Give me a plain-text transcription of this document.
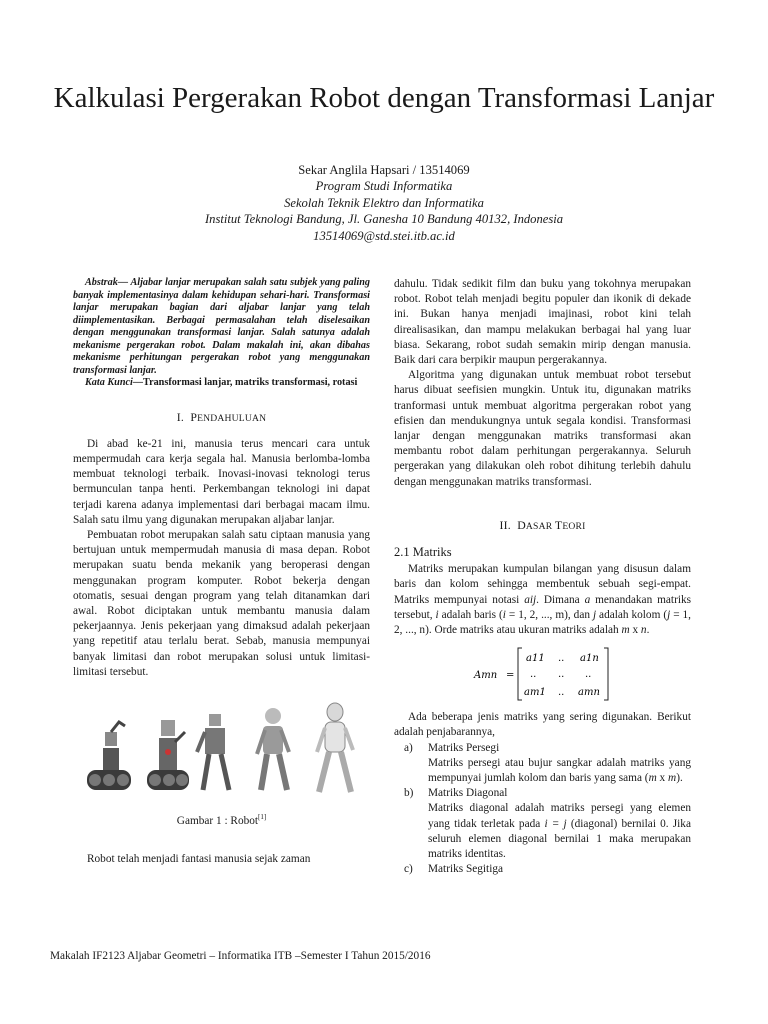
Kalkulasi Pergerakan Robot dengan Transformasi Lanjar
Sekar Anglila Hapsari / 13514069
Program Studi Informatika
Sekolah Teknik Elektro dan Informatika
Institut Teknologi Bandung, Jl. Ganesha 10 Bandung 40132, Indonesia
13514069@std.stei.itb.ac.id

Abstrak— Aljabar lanjar merupakan salah satu subjek yang paling banyak implementasinya dalam kehidupan sehari-hari. Transformasi lanjar merupakan bagian dari aljabar lanjar yang telah diimplementasikan. Berbagai permasalahan telah diselesaikan dengan menggunakan transformasi lanjar. Salah satunya adalah mekanisme pergerakan robot. Dalam makalah ini, akan dibahas mekanisme perhitungan pergerakan robot yang menggunakan transformasi lanjar.

Kata Kunci—Transformasi lanjar, matriks transformasi, rotasi

I. PENDAHULUAN

Di abad ke-21 ini, manusia terus mencari cara untuk mempermudah cara kerja segala hal. Manusia berlomba-lomba membuat teknologi terbaik. Inovasi-inovasi teknologi terus bermunculan tanpa henti. Perkembangan teknologi ini dapat terjadi karena adanya implementasi dari berbagai macam ilmu. Salah satu ilmu yang digunakan merupakan aljabar lanjar.

Pembuatan robot merupakan salah satu ciptaan manusia yang bertujuan untuk mempermudah manusia di masa depan. Robot merupakan suatu benda mekanik yang beroperasi dengan menggunakan program komputer. Robot bekerja dengan otomatis, sesuai dengan program yang telah ditanamkan dari awal. Robot diciptakan untuk membantu manusia dalam pekerjaannya. Jenis pekerjaan yang dimaksud adalah pekerjaan yang repetitif atau terlalu berat. Sebab, manusia mempunyai banyak limitasi dan robot merupakan solusi untuk limitasi-limitasi tersebut.

Gambar 1 : Robot[1]

Robot telah menjadi fantasi manusia sejak zaman

dahulu. Tidak sedikit film dan buku yang tokohnya merupakan robot. Robot telah menjadi begitu populer dan ikonik di dekade ini. Bukan hanya menjadi imajinasi, robot kini telah direalisasikan, dan mampu melakukan berbagai hal yang luar biasa. Sekarang, robot sudah semakin mirip dengan manusia. Baik dari cara berpikir maupun pergerakannya.

Algoritma yang digunakan untuk membuat robot tersebut harus dibuat seefisien mungkin. Untuk itu, digunakan matriks tranformasi untuk membuat algoritma pergerakan robot yang efisien dan mendukungnya untuk segala kondisi. Transformasi lanjar dengan menggunakan matriks transformasi akan membantu robot dalam perhitungan pergerakannya. Seluruh pergerakan yang dilakukan oleh robot dihitung terlebih dahulu dengan menggunakan matriks transformasi.

II. DASAR TEORI
2.1 Matriks

Matriks merupakan kumpulan bilangan yang disusun dalam baris dan kolom sehingga membentuk sebuah segi-empat. Matriks mempunyai notasi aij. Dimana a menandakan matriks tersebut, i adalah baris (i = 1, 2, ..., m), dan j adalah kolom (j = 1, 2, ..., n). Orde matriks atau ukuran matriks adalah m x n.

Amn =
a11 .. a1n
.. .. ..
am1 .. amn

Ada beberapa jenis matriks yang sering digunakan. Berikut adalah penjabarannya,

a) Matriks Persegi
Matriks persegi atau bujur sangkar adalah matriks yang mempunyai jumlah kolom dan baris yang sama (m x m).
b) Matriks Diagonal
Matriks diagonal adalah matriks persegi yang elemen yang tidak terletak pada i = j (diagonal) bernilai 0. Jika seluruh elemen diagonal bernilai 1 maka merupakan matriks identitas.
c) Matriks Segitiga
Makalah IF2123 Aljabar Geometri – Informatika ITB –Semester I Tahun 2015/2016
